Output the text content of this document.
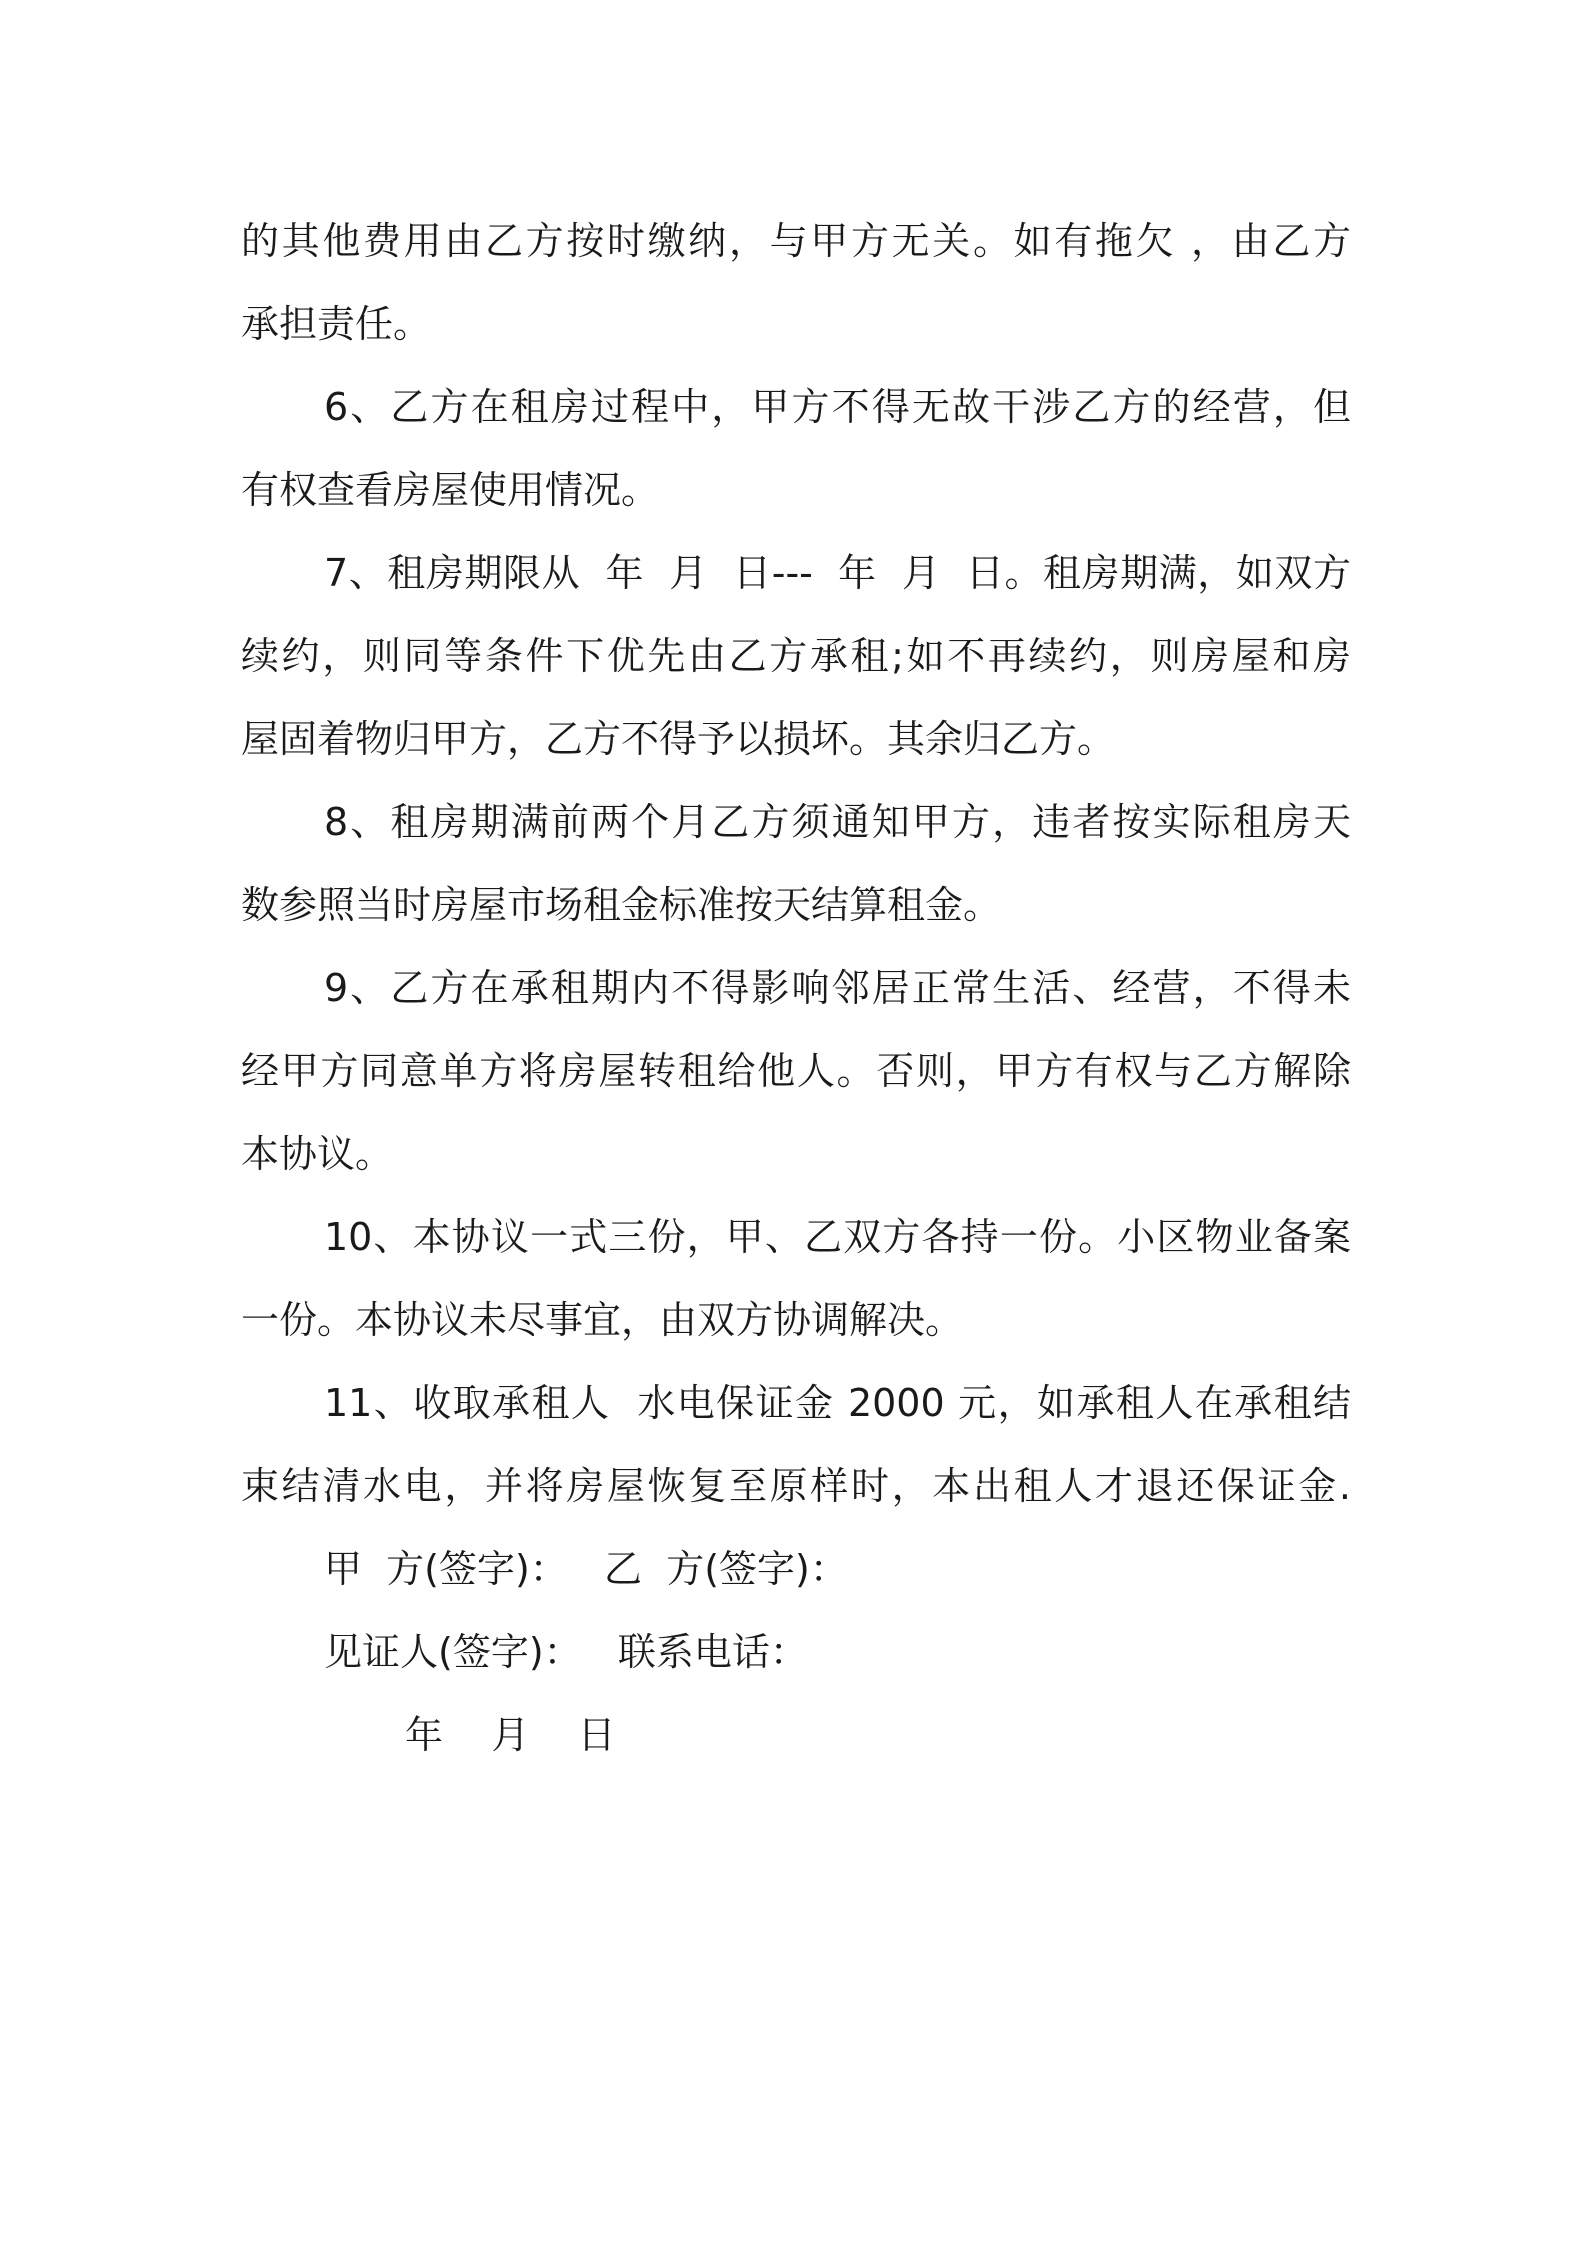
的其他费用由乙方按时缴纳，与甲方无关。如有拖欠 ，由乙方
承担责任。
6、乙方在租房过程中，甲方不得无故干涉乙方的经营，但
有权查看房屋使用情况。
7、租房期限从  年  月  日---  年  月  日。租房期满，如双方
续约，则同等条件下优先由乙方承租;如不再续约，则房屋和房
屋固着物归甲方，乙方不得予以损坏。其余归乙方。
8、租房期满前两个月乙方须通知甲方，违者按实际租房天
数参照当时房屋市场租金标准按天结算租金。
9、乙方在承租期内不得影响邻居正常生活、经营，不得未
经甲方同意单方将房屋转租给他人。否则，甲方有权与乙方解除
本协议。
10、本协议一式三份，甲、乙双方各持一份。小区物业备案
一份。本协议未尽事宜，由双方协调解决。
11、收取承租人  水电保证金 2000 元，如承租人在承租结
束结清水电，并将房屋恢复至原样时，本出租人才退还保证金.
甲  方(签字)：   乙  方(签字)：
见证人(签字)：   联系电话：
年    月    日
